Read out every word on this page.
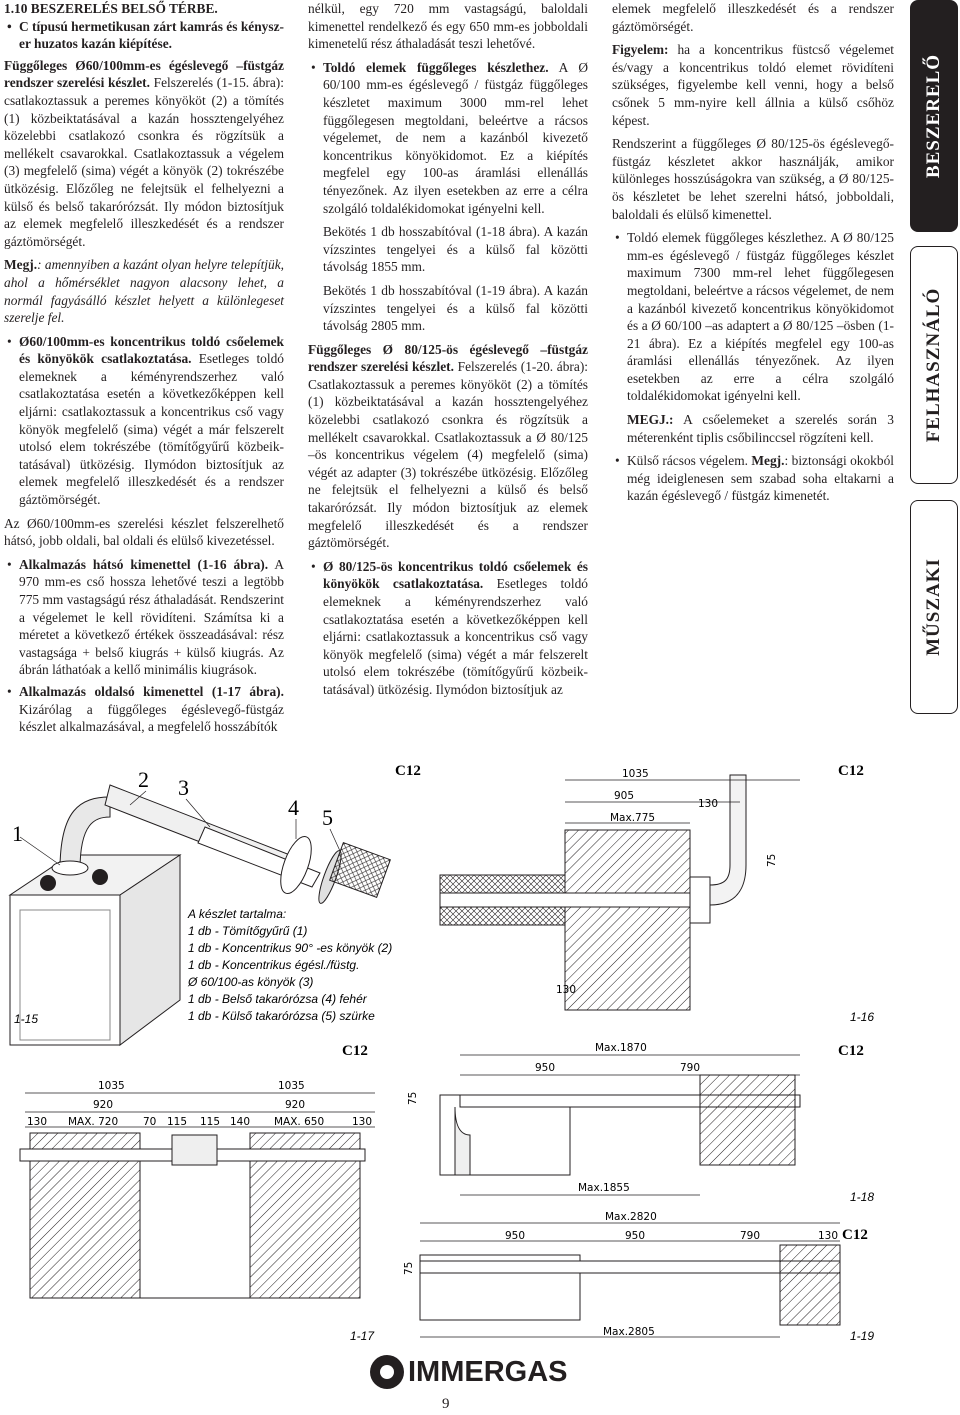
1.10 BESZERELÉS BELSŐ TÉRBE.

• C típusú hermetikusan zárt kamrás és kényszer huzatos kazán kiépítése.

Függőleges Ø60/100mm-es égéslevegő –füstgáz rendszer szerelési készlet. Felszerelés (1-15. ábra): csatlakoztassuk a peremes könyököt (2) a tömítés (1) közbeiktatásával a kazán hossztengelyéhez közelebbi csatlakozó csonkra és rögzítsük a mellékelt csavarokkal. Csatlakoztassuk a végelem (3) megfelelő (sima) végét a könyök (2) tokrészébe ütközésig. Előzőleg ne felejtsük el felhelyezni a külső és belső takarórózsát. Ily módon biztosítjuk az elemek megfelelő illeszkedését és a rendszer gáztömörségét.

Megj.: amennyiben a kazánt olyan helyre telepítjük, ahol a hőmérséklet nagyon alacsony lehet, a normál fagyásálló készlet helyett a különlegeset szerelje fel.

• Ø60/100mm-es koncentrikus toldó csőelemek és könyökök csatlakoztatása. Esetleges toldó elemeknek a kéményrendszerhez való csatlakoztatása esetén a következőképpen kell eljárni: csatlakoztassuk a koncentrikus cső vagy könyök megfelelő (sima) végét a már felszerelt utolsó elem tokrészébe (tömítőgyűrű közbeiktatásával) ütközésig. Ilymódon biztosítjuk az elemek megfelelő illeszkedését és a rendszer gáztömörségét.

Az Ø60/100mm-es szerelési készlet felszerelhető hátsó, jobb oldali, bal oldali és elülső kivezetéssel.

• Alkalmazás hátsó kimenettel (1-16 ábra). A 970 mm-es cső hossza lehetővé teszi a legtöbb 775 mm vastagságú rész áthaladását. Rendszerint a végelemet le kell rövidíteni. Számítsa ki a méretet a következő értékek összeadásával: rész vastagsága + belső kiugrás + külső kiugrás. Az ábrán láthatóak a kellő minimális kiugrások.
• Alkalmazás oldalsó kimenettel (1-17 ábra). Kizárólag a függőleges égéslevegő-füstgáz készlet alkalmazásával, a megfelelő hosszábítók

nélkül, egy 720 mm vastagságú, baloldali kimenettel rendelkező és egy 650 mm-es jobboldali kimenetelű rész áthaladását teszi lehetővé.

• Toldó elemek függőleges készlethez. A Ø 60/100 mm-es égéslevegő / füstgáz függőleges készletet maximum 3000 mm-rel lehet függőlegesen megtoldani, beleértve a rácsos végelemet, de nem a kazánból kivezető koncentrikus könyökidomot. Ez a kiépítés megfelel egy 100-as áramlási ellenállás tényezőnek. Az ilyen esetekben az erre a célra szolgáló toldalékidomokat igényelni kell.

Bekötés 1 db hosszabítóval (1-18 ábra). A kazán vízszintes tengelyei és a külső fal közötti távolság 1855 mm.

Bekötés 1 db hosszabítóval (1-19 ábra). A kazán vízszintes tengelyei és a külső fal közötti távolság 2805 mm.

Függőleges Ø 80/125-ös égéslevegő –füstgáz rendszer szerelési készlet. Felszerelés (1-20. ábra): Csatlakoztassuk a peremes könyököt (2) a tömítés (1) közbeiktatásával a kazán hossztengelyéhez közelebbi csatlakozó csonkra és rögzítsük a mellékelt csavarokkal. Csatlakoztassuk a Ø 80/125 –ös koncentrikus végelem (4) megfelelő (sima) végét az adapter (3) tokrészébe ütközésig. Előzőleg ne felejtsük el felhelyezni a külső és belső takarórózsát. Ily módon biztosítjuk az elemek megfelelő illeszkedését és a rendszer gáztömörségét.

• Ø 80/125-ös koncentrikus toldó csőelemek és könyökök csatlakoztatása. Esetleges toldó elemeknek a kéményrendszerhez való csatlakoztatása esetén a következőképpen kell eljárni: csatlakoztassuk a koncentrikus cső vagy könyök megfelelő (sima) végét a már felszerelt utolsó elem tokrészébe (tömítőgyűrű közbeiktatásával) ütközésig. Ilymódon biztosítjuk az

elemek megfelelő illeszkedését és a rendszer gáztömörségét.

Figyelem: ha a koncentrikus füstcső végelemet és/vagy a koncentrikus toldó elemet rövidíteni szükséges, figyelembe kell venni, hogy a belső csőnek 5 mm-nyire kell állnia a külső csőhöz képest.

Rendszerint a függőleges Ø 80/125-ös égéslevegő-füstgáz készletet akkor használják, amikor különleges hosszúságokra van szükség, a Ø 80/125-ös készletet be lehet szerelni hátsó, jobboldali, baloldali és elülső kimenettel.

• Toldó elemek függőleges készlethez. A Ø 80/125 mm-es égéslevegő / füstgáz függőleges készlet maximum 7300 mm-rel lehet függőlegesen megtoldani, beleértve a rácsos végelemet, de nem a kazánból kivezető koncentrikus könyökidomot és a Ø 60/100 –as adaptert a Ø 80/125 –ösben (1-21 ábra). Ez a kiépítés megfelel egy 100-as áramlási ellenállás tényezőnek. Az ilyen esetekben az erre a célra szolgáló toldalékidomokat igényelni kell.

MEGJ.: A csőelemeket a szerelés során 3 méterenként tiplis csőbilinccsel rögzíteni kell.

• Külső rácsos végelem. Megj.: biztonsági okokból még ideiglenesen sem szabad soha eltakarni a kazán égéslevegő / füstgáz kimenetét.
BESZERELŐ
FELHASZNÁLÓ
MŰSZAKI
1
2 3
4 5
A készlet tartalma:
1 db - Tömítőgyűrű (1)
1 db - Koncentrikus 90° -es könyök (2)
1 db - Koncentrikus égésl./füstg.
Ø 60/100-as könyök (3)
1 db - Belső takarórózsa (4) fehér
1 db - Külső takarórózsa (5) szürke
1-15
C12	1035
905
130
Max.775
75
130
C12
1-16
C12
1035
920
130 MAX. 720 70 115
1035
920
115 140 MAX. 650	130
1-17
Max.1870
950	790
75
Max.1855
C12
1-18
Max.2820
950	950	790	130
75
Max.2805
C12
1-19
IMMERGAS
9
